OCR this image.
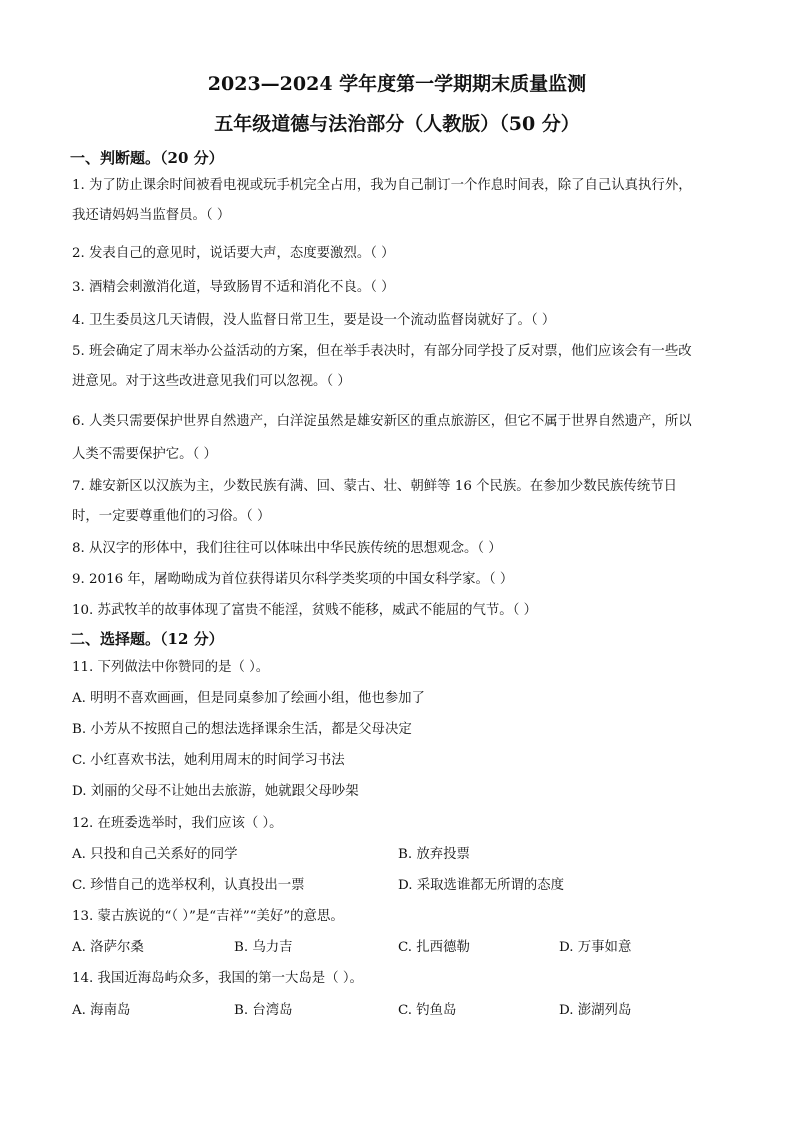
2023—2024 学年度第一学期期末质量监测
五年级道德与法治部分（人教版）（50 分）
一、判断题。（20 分）
1. 为了防止课余时间被看电视或玩手机完全占用，我为自己制订一个作息时间表，除了自己认真执行外，
我还请妈妈当监督员。（ ）
2. 发表自己的意见时，说话要大声，态度要激烈。（ ）
3. 酒精会刺激消化道，导致肠胃不适和消化不良。（ ）
4. 卫生委员这几天请假，没人监督日常卫生，要是设一个流动监督岗就好了。（ ）
5. 班会确定了周末举办公益活动的方案，但在举手表决时，有部分同学投了反对票，他们应该会有一些改
进意见。对于这些改进意见我们可以忽视。（ ）
6. 人类只需要保护世界自然遗产，白洋淀虽然是雄安新区的重点旅游区，但它不属于世界自然遗产，所以
人类不需要保护它。（ ）
7. 雄安新区以汉族为主，少数民族有满、回、蒙古、壮、朝鲜等 16 个民族。在参加少数民族传统节日
时，一定要尊重他们的习俗。（ ）
8. 从汉字的形体中，我们往往可以体味出中华民族传统的思想观念。（ ）
9. 2016 年，屠呦呦成为首位获得诺贝尔科学类奖项的中国女科学家。（ ）
10. 苏武牧羊的故事体现了富贵不能淫，贫贱不能移，威武不能屈的气节。（ ）
二、选择题。（12 分）
11. 下列做法中你赞同的是（ ）。
A. 明明不喜欢画画，但是同桌参加了绘画小组，他也参加了
B. 小芳从不按照自己的想法选择课余生活，都是父母决定
C. 小红喜欢书法，她利用周末的时间学习书法
D. 刘丽的父母不让她出去旅游，她就跟父母吵架
12. 在班委选举时，我们应该（ ）。
A. 只投和自己关系好的同学	B. 放弃投票
C. 珍惜自己的选举权利，认真投出一票	D. 采取选谁都无所谓的态度
13. 蒙古族说的“（ ）”是“吉祥”“美好”的意思。
A. 洛萨尔桑	B. 乌力吉	C. 扎西德勒	D. 万事如意
14. 我国近海岛屿众多，我国的第一大岛是（ ）。
A. 海南岛	B. 台湾岛	C. 钓鱼岛	D. 澎湖列岛
